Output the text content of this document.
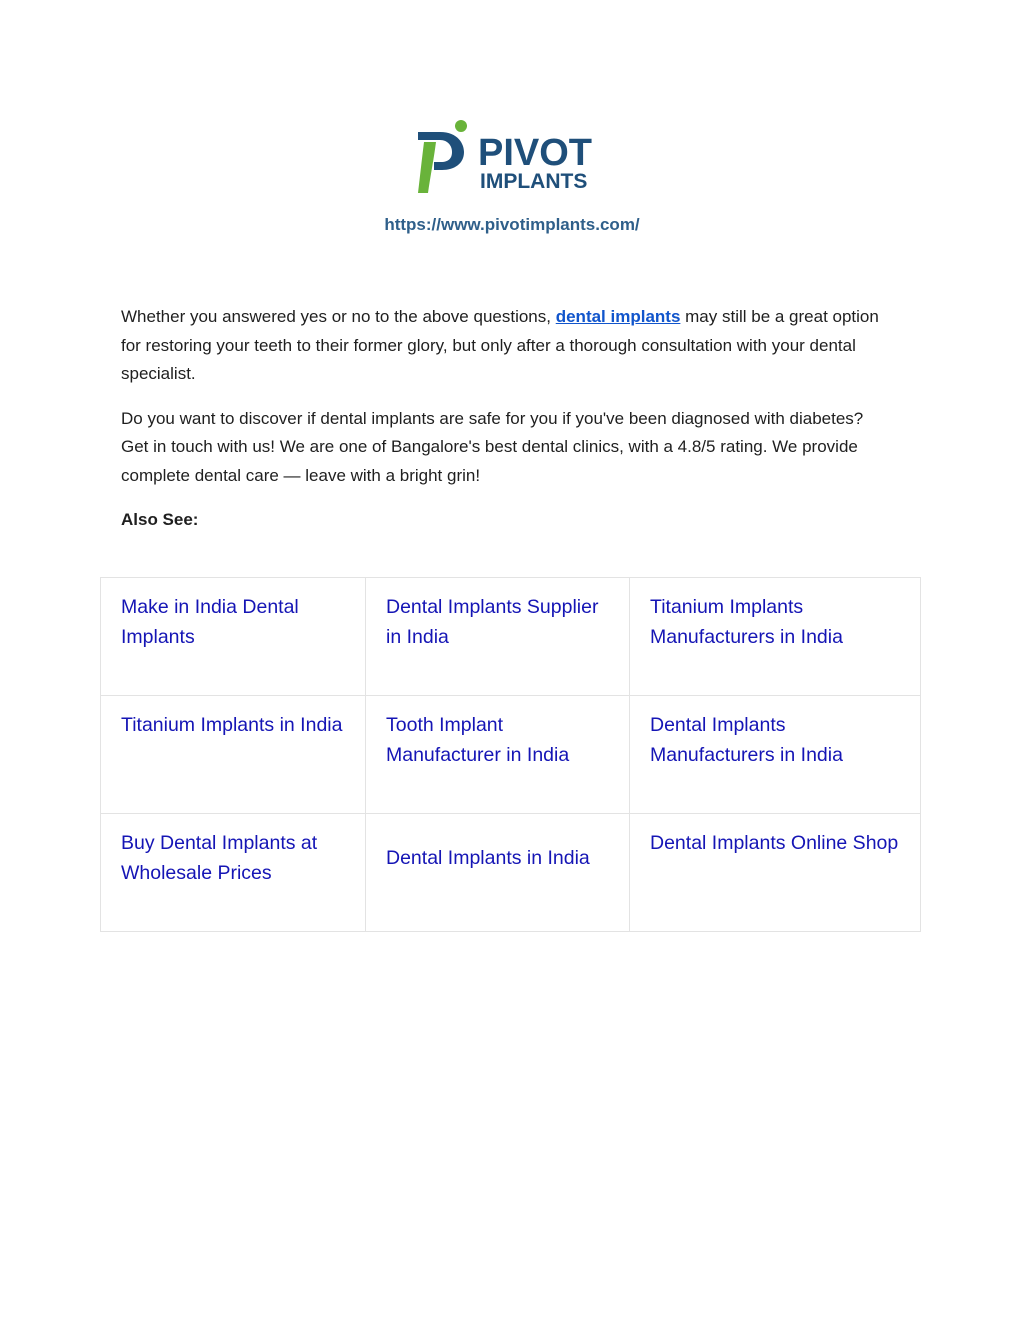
PIVOT
IMPLANTS
https://www.pivotimplants.com/

Whether you answered yes or no to the above questions, dental implants may still be a great option for restoring your teeth to their former glory, but only after a thorough consultation with your dental specialist.

Do you want to discover if dental implants are safe for you if you've been diagnosed with diabetes? Get in touch with us! We are one of Bangalore's best dental clinics, with a 4.8/5 rating. We provide complete dental care — leave with a bright grin!

Also See:

Make in India Dental Implants	Dental Implants Supplier in India	Titanium Implants Manufacturers in India

Titanium Implants in India	Tooth Implant Manufacturer in India	Dental Implants Manufacturers in India

Buy Dental Implants at Wholesale Prices	Dental Implants in India	Dental Implants Online Shop
